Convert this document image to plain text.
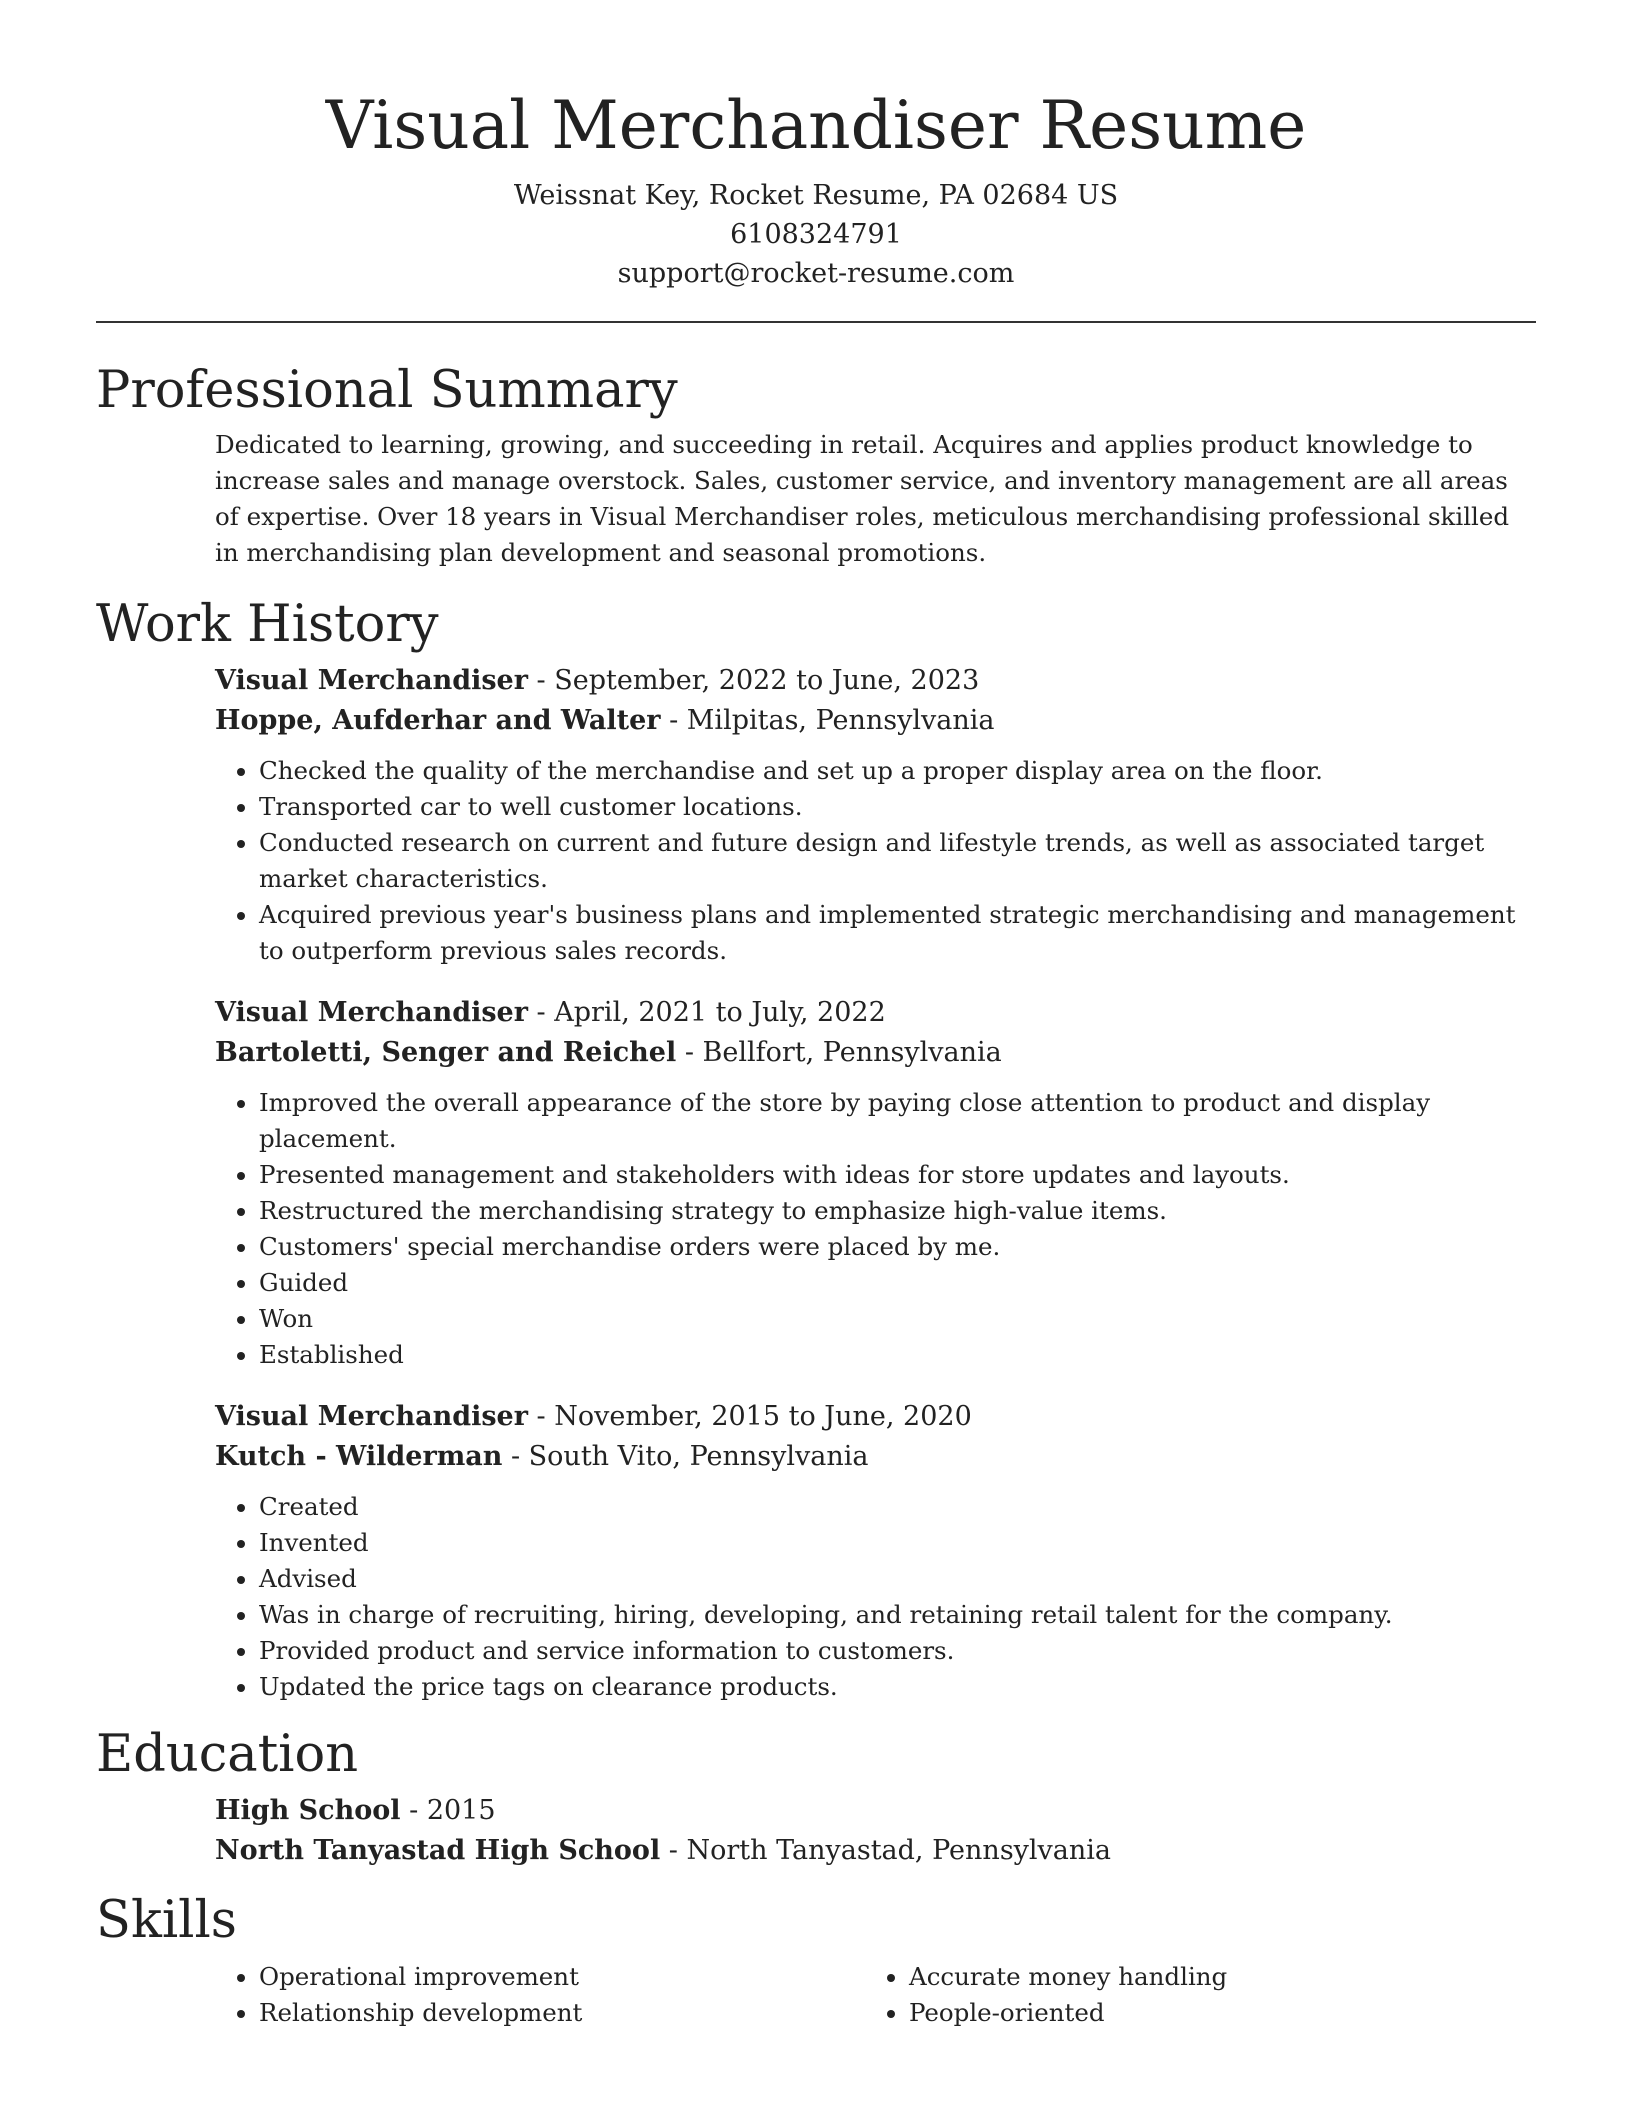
Visual Merchandiser Resume
Weissnat Key, Rocket Resume, PA 02684 US
6108324791
support@rocket-resume.com
Professional Summary

Dedicated to learning, growing, and succeeding in retail. Acquires and applies product knowledge to increase sales and manage overstock. Sales, customer service, and inventory management are all areas of expertise. Over 18 years in Visual Merchandiser roles, meticulous merchandising professional skilled in merchandising plan development and seasonal promotions.

Work History
Visual Merchandiser - September, 2022 to June, 2023
Hoppe, Aufderhar and Walter - Milpitas, Pennsylvania
• Checked the quality of the merchandise and set up a proper display area on the floor.
• Transported car to well customer locations.
• Conducted research on current and future design and lifestyle trends, as well as associated target market characteristics.
• Acquired previous year's business plans and implemented strategic merchandising and management to outperform previous sales records.
Visual Merchandiser - April, 2021 to July, 2022
Bartoletti, Senger and Reichel - Bellfort, Pennsylvania
• Improved the overall appearance of the store by paying close attention to product and display placement.
• Presented management and stakeholders with ideas for store updates and layouts.
• Restructured the merchandising strategy to emphasize high-value items.
• Customers' special merchandise orders were placed by me.
• Guided
• Won
• Established
Visual Merchandiser - November, 2015 to June, 2020
Kutch - Wilderman - South Vito, Pennsylvania
• Created
• Invented
• Advised
• Was in charge of recruiting, hiring, developing, and retaining retail talent for the company.
• Provided product and service information to customers.
• Updated the price tags on clearance products.
Education
High School - 2015
North Tanyastad High School - North Tanyastad, Pennsylvania
Skills
• Operational improvement
• Relationship development
• Accurate money handling
• People-oriented
